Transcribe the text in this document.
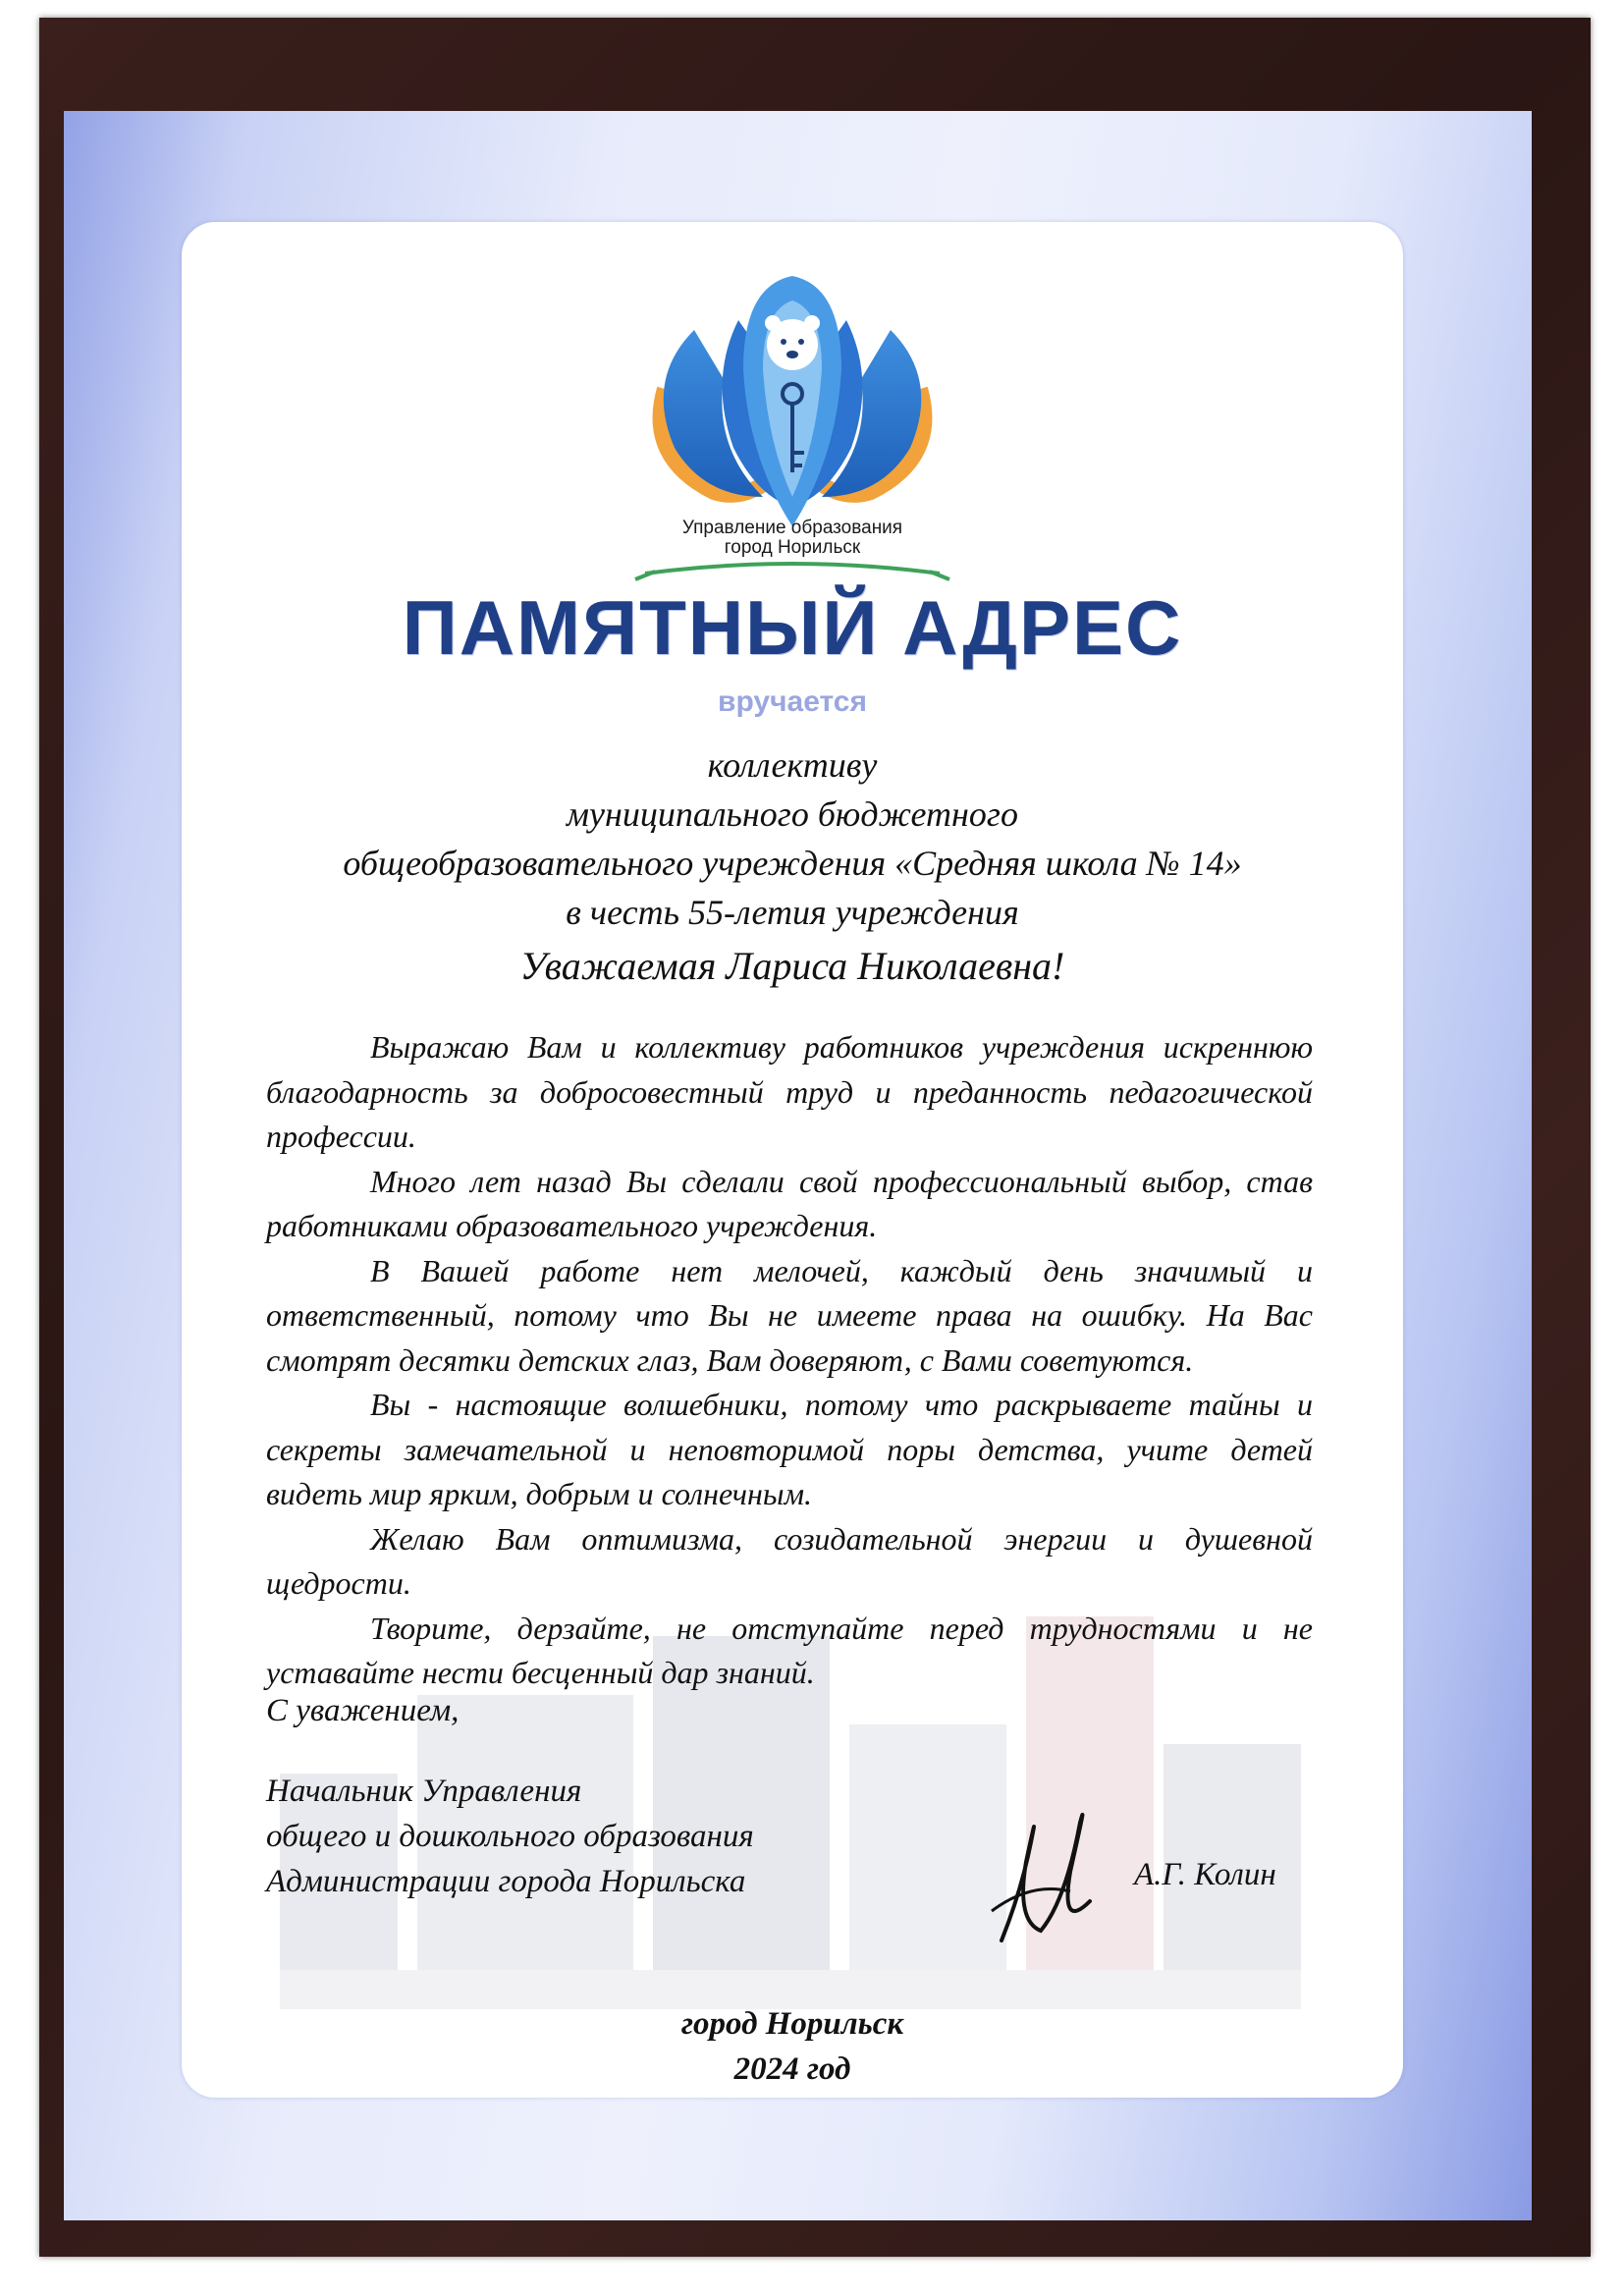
Управление образования
город Норильск
ПАМЯТНЫЙ АДРЕС
вручается
коллективу
муниципального бюджетного
общеобразовательного учреждения «Средняя школа № 14»
в честь 55-летия учреждения
Уважаемая Лариса Николаевна!

Выражаю Вам и коллективу работников учреждения искреннюю благодарность за добросовестный труд и преданность педагогической профессии.

Много лет назад Вы сделали свой профессиональный выбор, став работниками образовательного учреждения.

В Вашей работе нет мелочей, каждый день значимый и ответственный, потому что Вы не имеете права на ошибку. На Вас смотрят десятки детских глаз, Вам доверяют, с Вами советуются.

Вы - настоящие волшебники, потому что раскрываете тайны и секреты замечательной и неповторимой поры детства, учите детей видеть мир ярким, добрым и солнечным.

Желаю Вам оптимизма, созидательной энергии и душевной щедрости.

Творите, дерзайте, не отступайте перед трудностями и не уставайте нести бесценный дар знаний.

С уважением,
Начальник Управления
общего и дошкольного образования
Администрации города Норильска	А.Г. Колин
город Норильск
2024 год
